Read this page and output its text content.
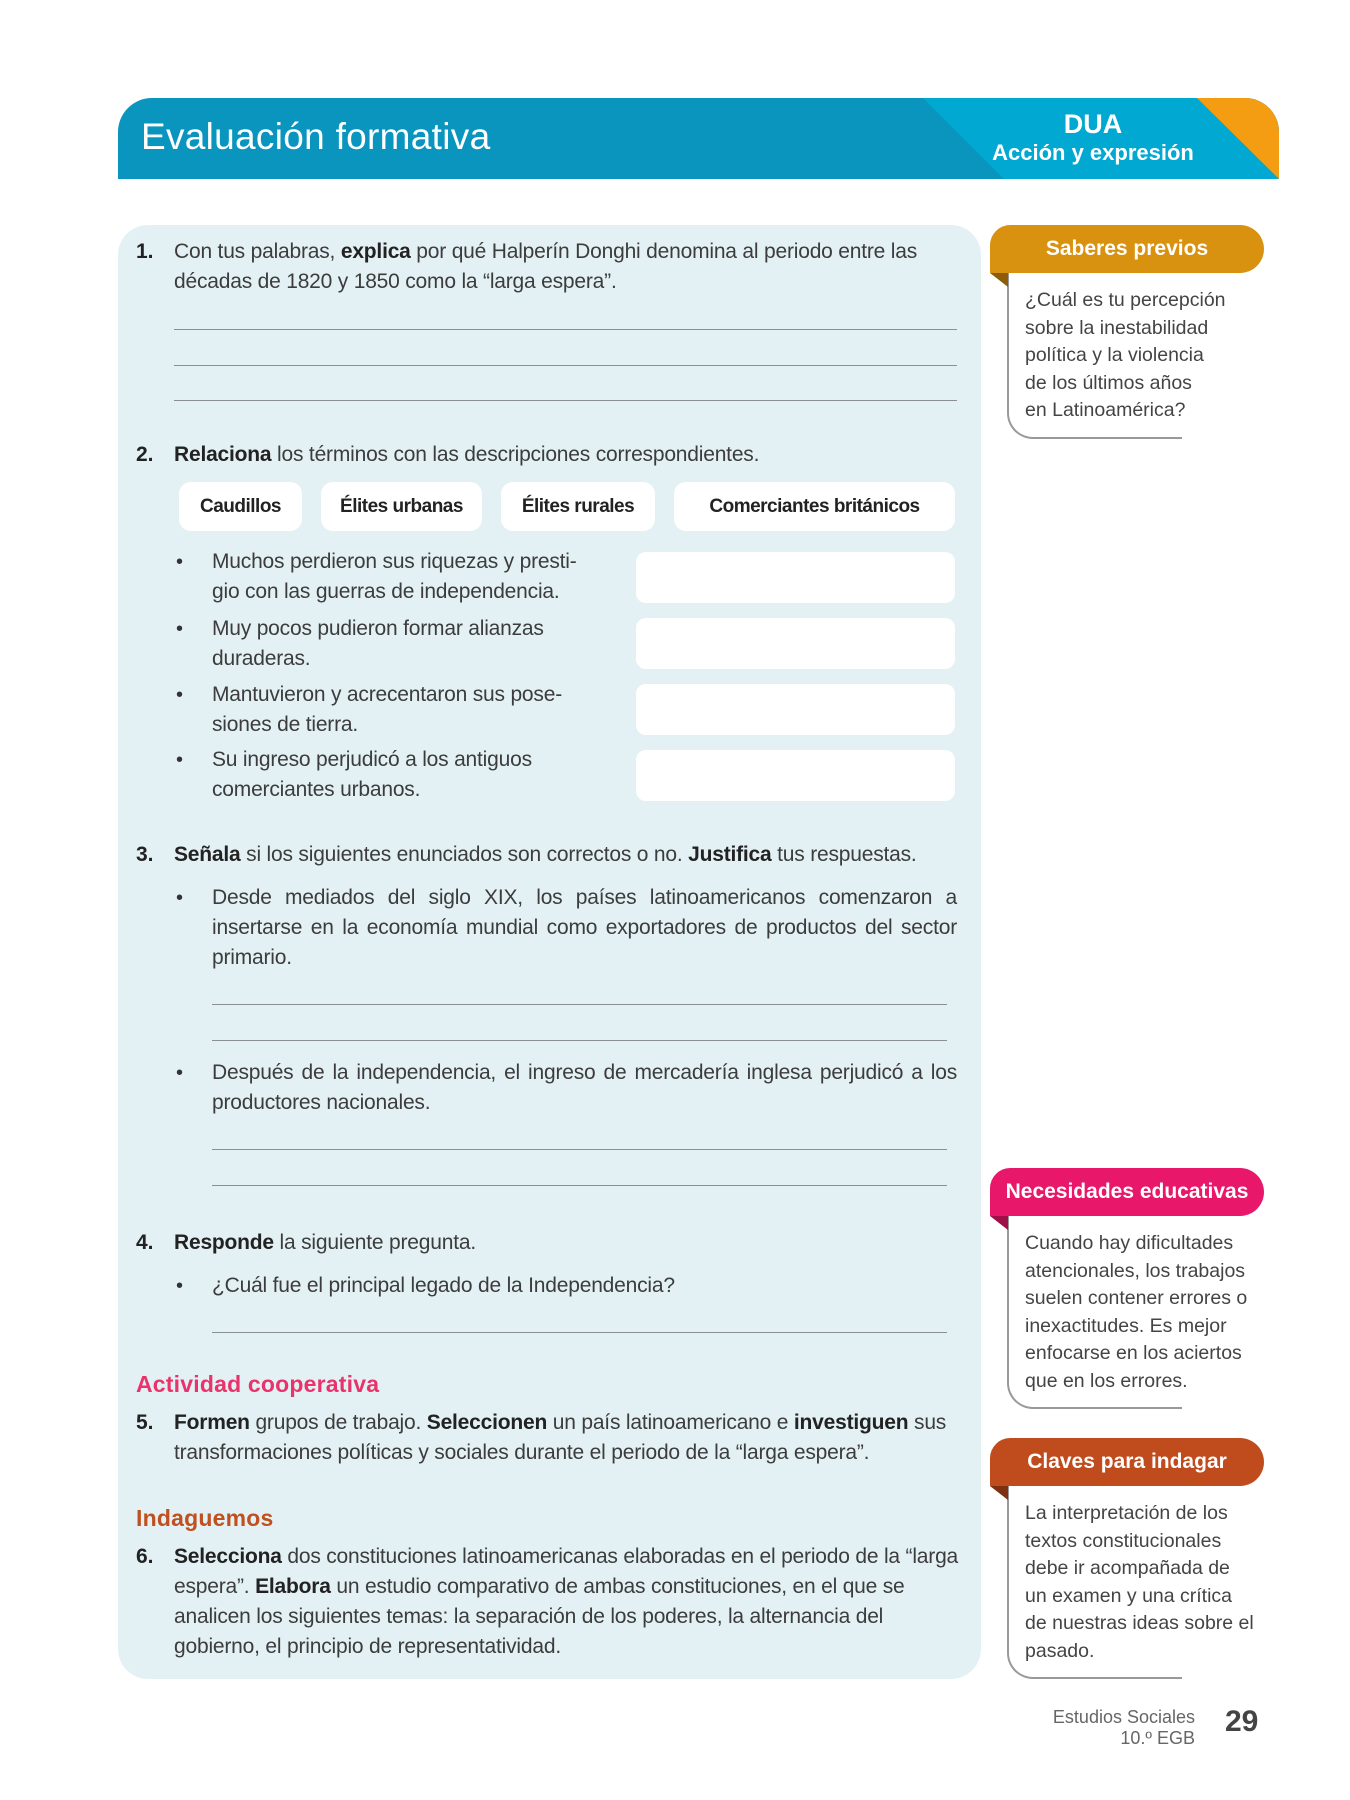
Evaluación formativa	DUA
Acción y expresión
1. Con tus palabras, explica por qué Halperín Donghi denomina al periodo entre las décadas de 1820 y 1850 como la “larga espera”.
2. Relaciona los términos con las descripciones correspondientes.
Caudillos	Élites urbanas	Élites rurales	Comerciantes británicos
• Muchos perdieron sus riquezas y presti-
gio con las guerras de independencia.
• Muy pocos pudieron formar alianzas
duraderas.
• Mantuvieron y acrecentaron sus pose-
siones de tierra.
• Su ingreso perjudicó a los antiguos
comerciantes urbanos.
3. Señala si los siguientes enunciados son correctos o no. Justifica tus respuestas.
• Desde mediados del siglo XIX, los países latinoamericanos comenzaron a insertarse en la economía mundial como exportadores de productos del sector primario.
• Después de la independencia, el ingreso de mercadería inglesa perjudicó a los productores nacionales.
4. Responde la siguiente pregunta.
• ¿Cuál fue el principal legado de la Independencia?
Actividad cooperativa
5. Formen grupos de trabajo. Seleccionen un país latinoamericano e investiguen sus transformaciones políticas y sociales durante el periodo de la “larga espera”.
Indaguemos
6. Selecciona dos constituciones latinoamericanas elaboradas en el periodo de la “larga espera”. Elabora un estudio comparativo de ambas constituciones, en el que se analicen los siguientes temas: la separación de los poderes, la alternancia del gobierno, el principio de representatividad.
Saberes previos
¿Cuál es tu percepción
sobre la inestabilidad
política y la violencia
de los últimos años
en Latinoamérica?
Necesidades educativas
Cuando hay dificultades
atencionales, los trabajos
suelen contener errores o
inexactitudes. Es mejor
enfocarse en los aciertos
que en los errores.
Claves para indagar
La interpretación de los
textos constitucionales
debe ir acompañada de
un examen y una crítica
de nuestras ideas sobre el
pasado.
Estudios Sociales
10.º EGB 29
